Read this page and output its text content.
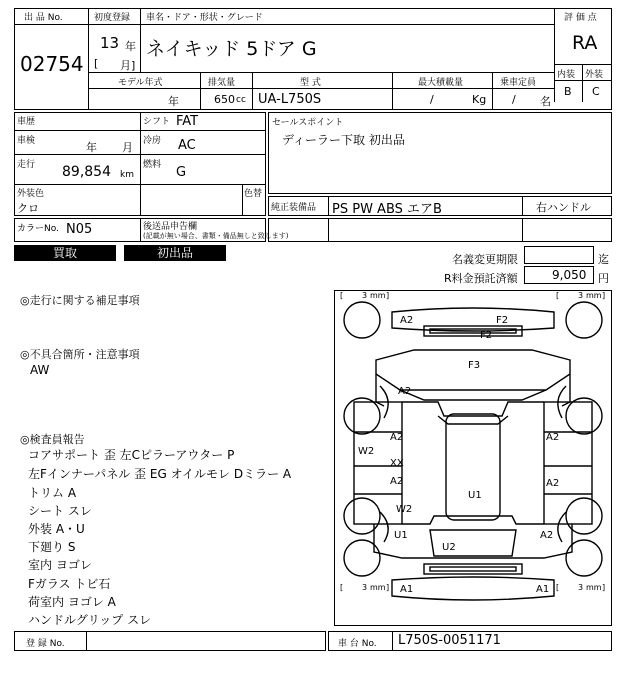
出 品 No.
02754
初度登録 車名・ドア・形状・グレード
13 年
[ 月]
ネイキッド 5ドア G
評 価 点
RA
内装 外装
B C
モデル年式	排気量	型 式	最大積載量	乗車定員
年	650 cc UA-L750S	/	Kg / 名
車歴	シフト FAT
車検	年 月 冷房 AC
走行 89,854 km
燃料 G
外装色
クロ
色替
カラーNo. N05	後送品申告欄
(記載が無い場合、書類・備品無しと致します)
セールスポイント
ディーラー下取 初出品
純正装備品 PS PW ABS エアB	右ハンドル
買取	初出品	名義変更期限	迄
R料金預託済額	9,050 円
◎走行に関する補足事項
◎不具合箇所・注意事項
AW
◎検査員報告
コアサポート 歪 左Cピラーアウター P
左Fインナーパネル 歪 EG オイルモレ Dミラー A
トリム A
シート スレ
外装 A・U
下廻り S
室内 ヨゴレ
Fガラス トビ石
荷室内 ヨゴレ A
ハンドルグリップ スレ
[ 3 mm ]	[ 3 mm ]
[ 3 mm ]	[ 3 mm ]
A2	F2
F2
F3
A2
W2
A2	A2
XX
A2	A2
U1
W2
U1	A2
U2
A1	A1
登 録 No.	車 台 No. L750S-0051171
